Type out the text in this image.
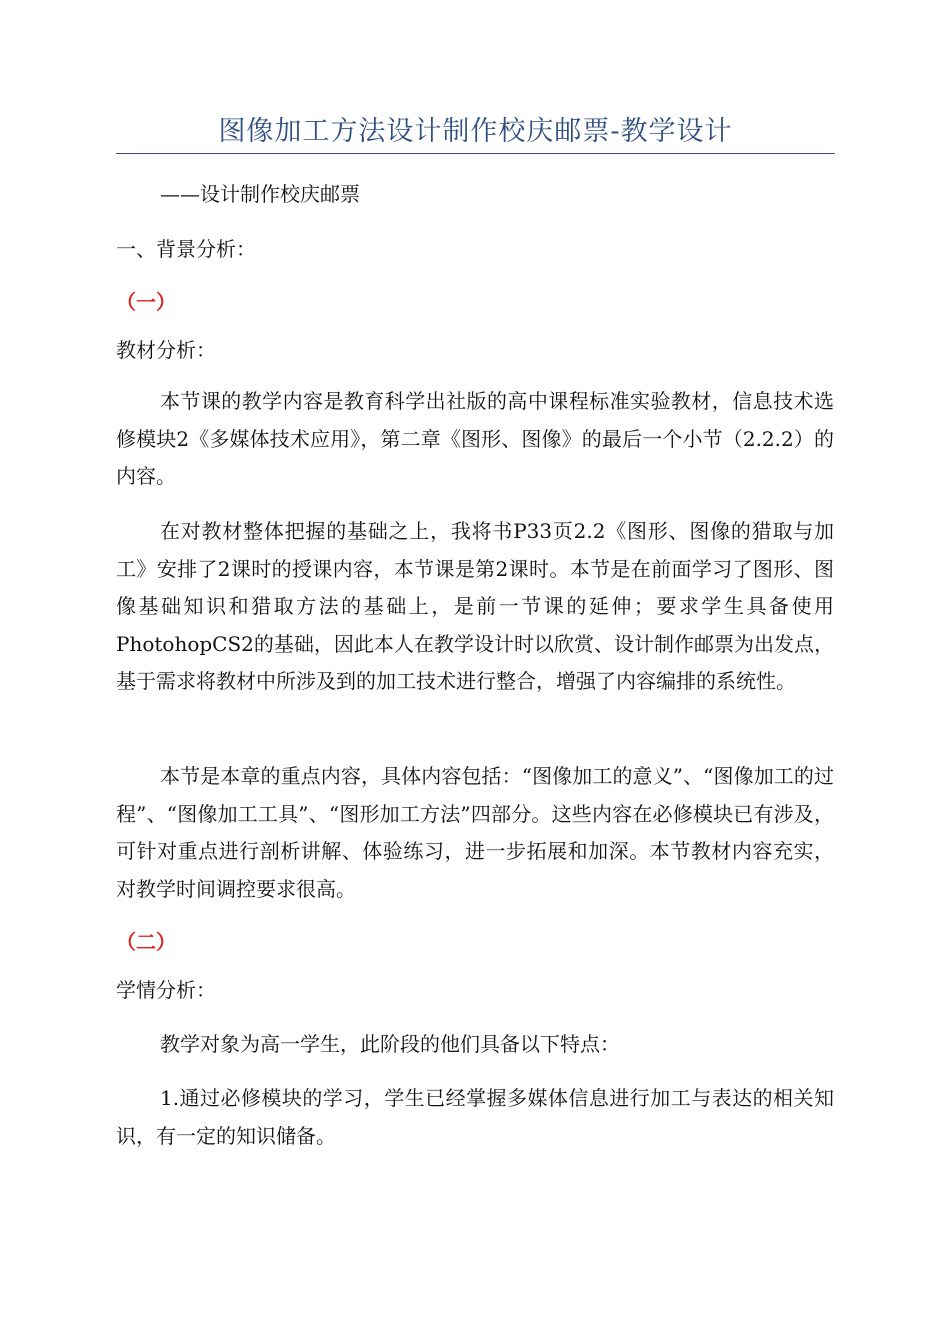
图像加工方法设计制作校庆邮票-教学设计

——设计制作校庆邮票

一、背景分析：

（一）

教材分析：

本节课的教学内容是教育科学出社版的高中课程标准实验教材，信息技术选修模块2《多媒体技术应用》，第二章《图形、图像》的最后一个小节（2.2.2）的内容。

在对教材整体把握的基础之上，我将书P33页2.2《图形、图像的猎取与加工》安排了2课时的授课内容，本节课是第2课时。本节是在前面学习了图形、图像基础知识和猎取方法的基础上，是前一节课的延伸；要求学生具备使用PhotohopCS2的基础，因此本人在教学设计时以欣赏、设计制作邮票为出发点，基于需求将教材中所涉及到的加工技术进行整合，增强了内容编排的系统性。

本节是本章的重点内容，具体内容包括：“图像加工的意义”、“图像加工的过程”、“图像加工工具”、“图形加工方法”四部分。这些内容在必修模块已有涉及，可针对重点进行剖析讲解、体验练习，进一步拓展和加深。本节教材内容充实，对教学时间调控要求很高。

（二）

学情分析：

教学对象为高一学生，此阶段的他们具备以下特点：

1.通过必修模块的学习，学生已经掌握多媒体信息进行加工与表达的相关知识，有一定的知识储备。
